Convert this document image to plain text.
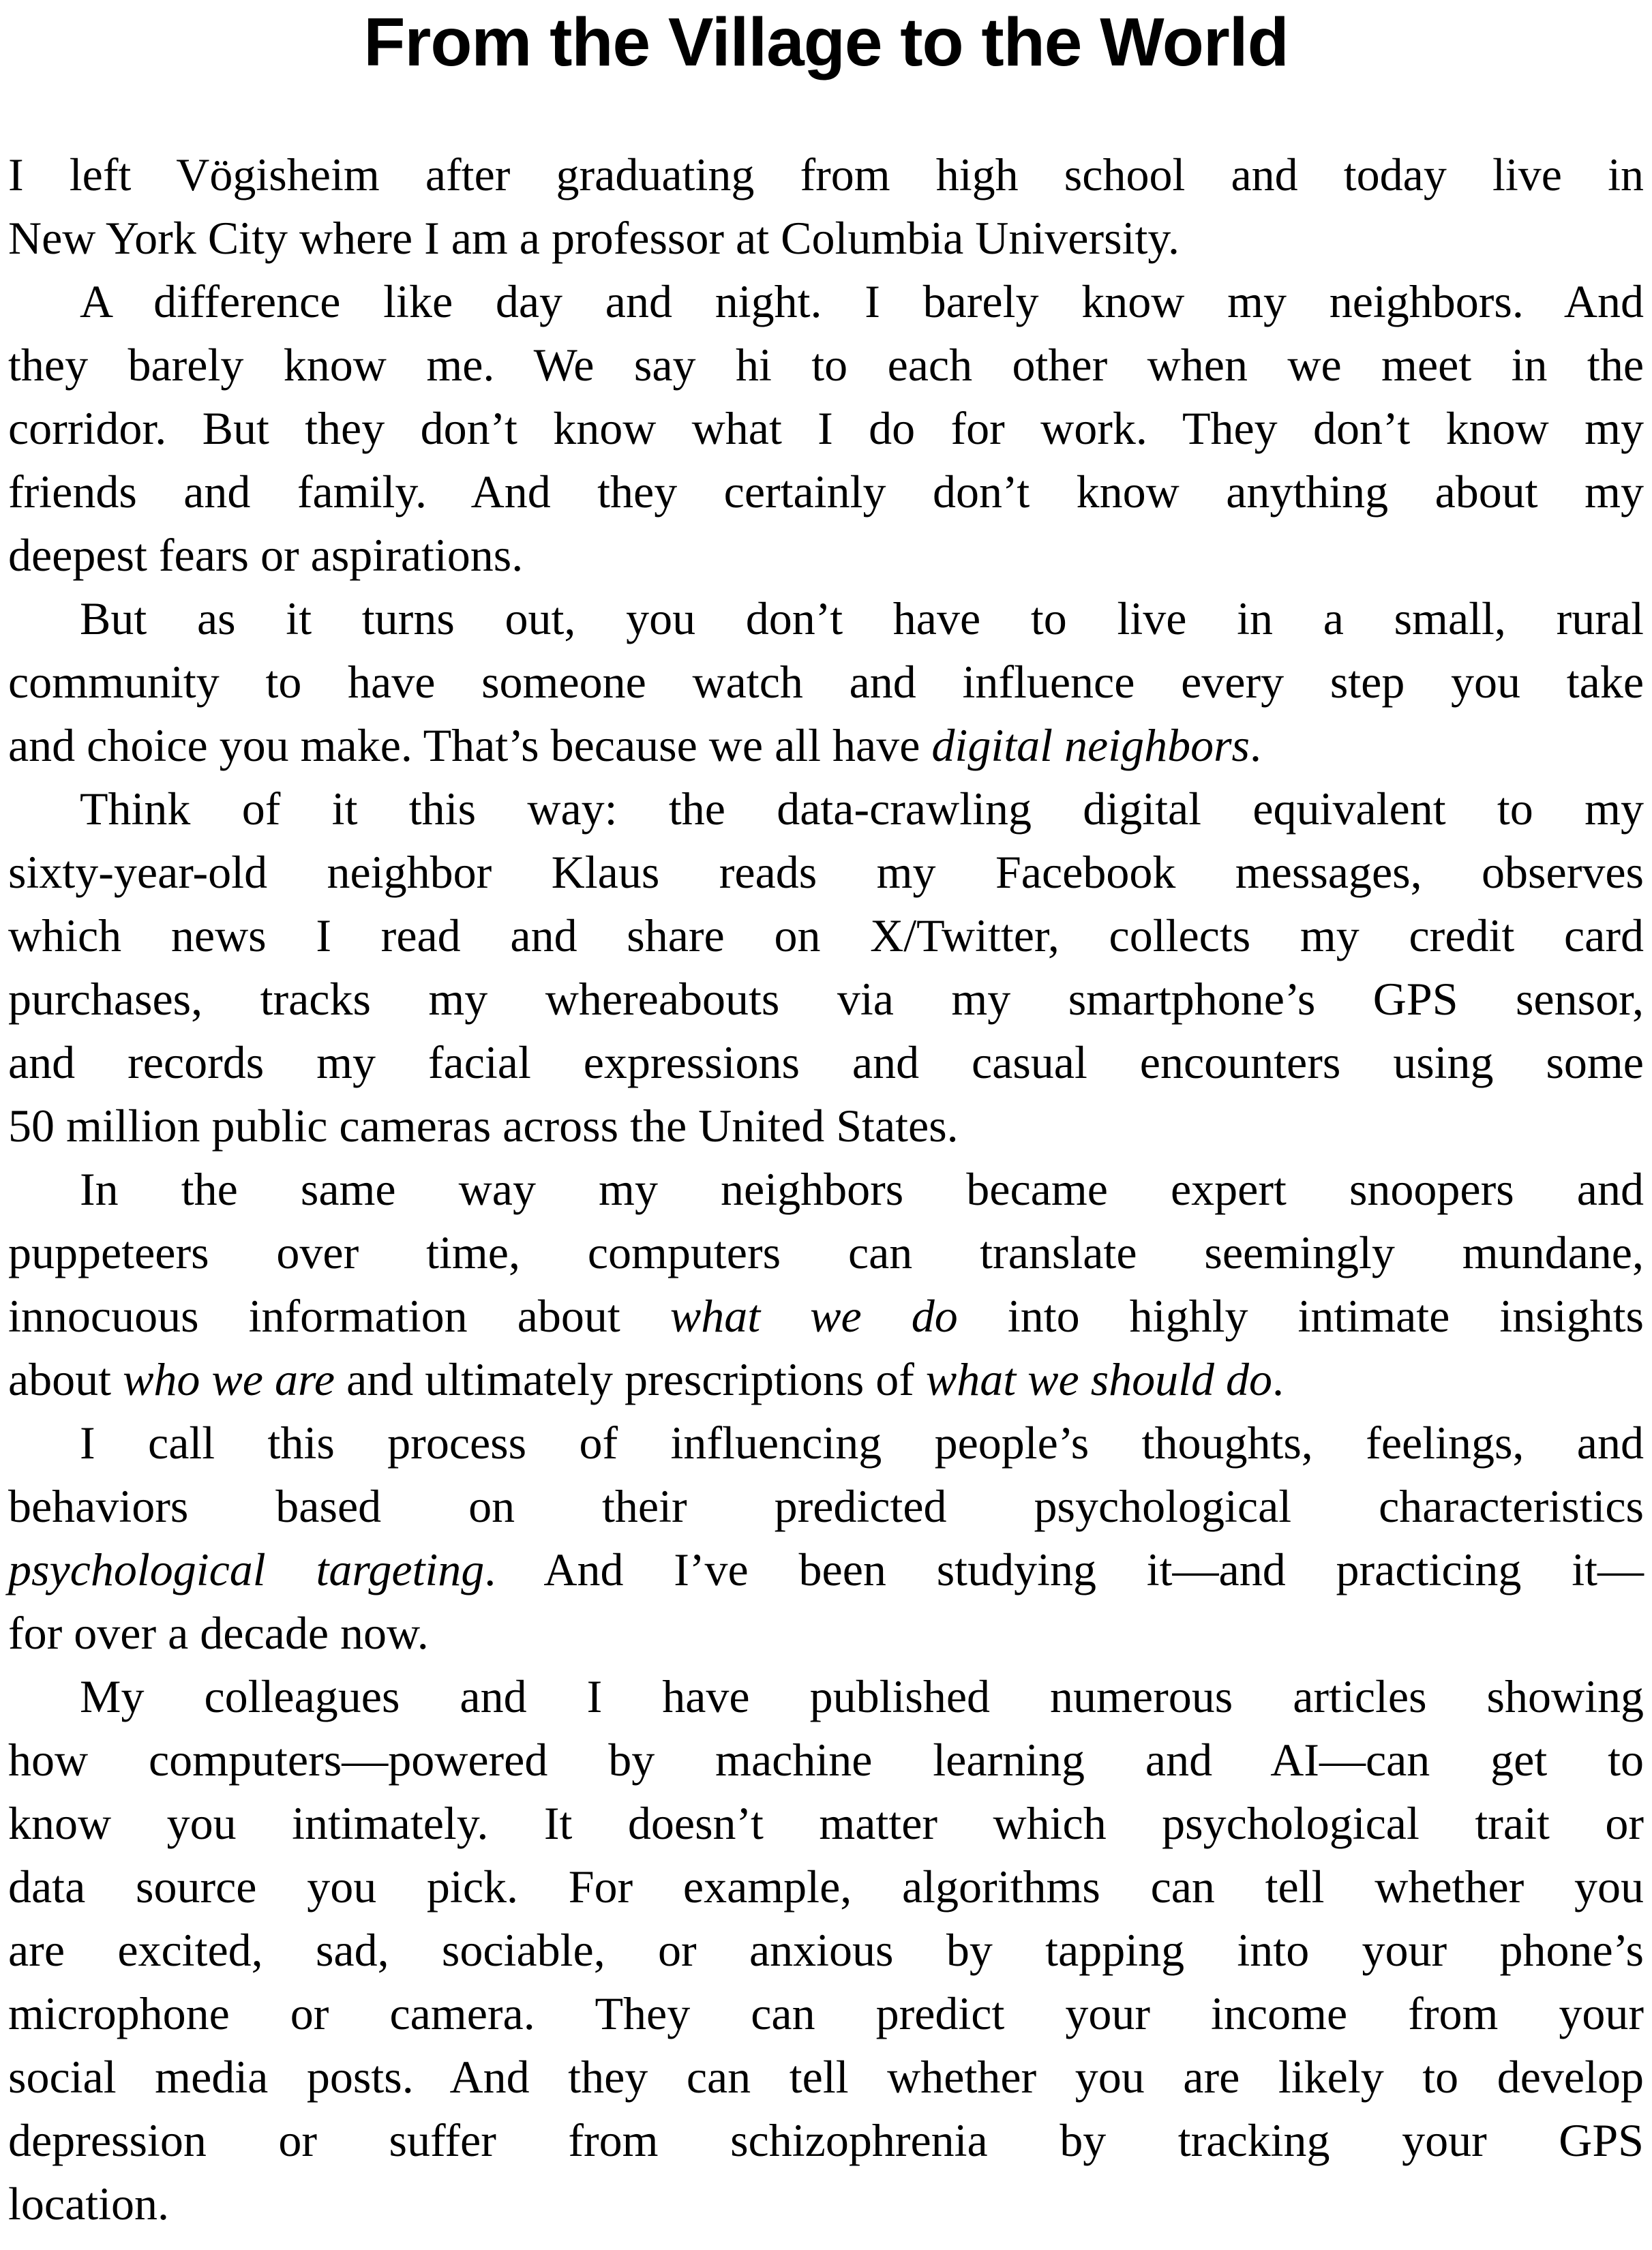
From the Village to the World
I left Vögisheim after graduating from high school and today live in
New York City where I am a professor at Columbia University.
A difference like day and night. I barely know my neighbors. And
they barely know me. We say hi to each other when we meet in the
corridor. But they don’t know what I do for work. They don’t know my
friends and family. And they certainly don’t know anything about my
deepest fears or aspirations.
But as it turns out, you don’t have to live in a small, rural
community to have someone watch and influence every step you take
and choice you make. That’s because we all have digital neighbors.
Think of it this way: the data-crawling digital equivalent to my
sixty-year-old neighbor Klaus reads my Facebook messages, observes
which news I read and share on X/Twitter, collects my credit card
purchases, tracks my whereabouts via my smartphone’s GPS sensor,
and records my facial expressions and casual encounters using some
50 million public cameras across the United States.
In the same way my neighbors became expert snoopers and
puppeteers over time, computers can translate seemingly mundane,
innocuous information about what we do into highly intimate insights
about who we are and ultimately prescriptions of what we should do.
I call this process of influencing people’s thoughts, feelings, and
behaviors based on their predicted psychological characteristics
psychological targeting. And I’ve been studying it—and practicing it—
for over a decade now.
My colleagues and I have published numerous articles showing
how computers—powered by machine learning and AI—can get to
know you intimately. It doesn’t matter which psychological trait or
data source you pick. For example, algorithms can tell whether you
are excited, sad, sociable, or anxious by tapping into your phone’s
microphone or camera. They can predict your income from your
social media posts. And they can tell whether you are likely to develop
depression or suffer from schizophrenia by tracking your GPS
location.
